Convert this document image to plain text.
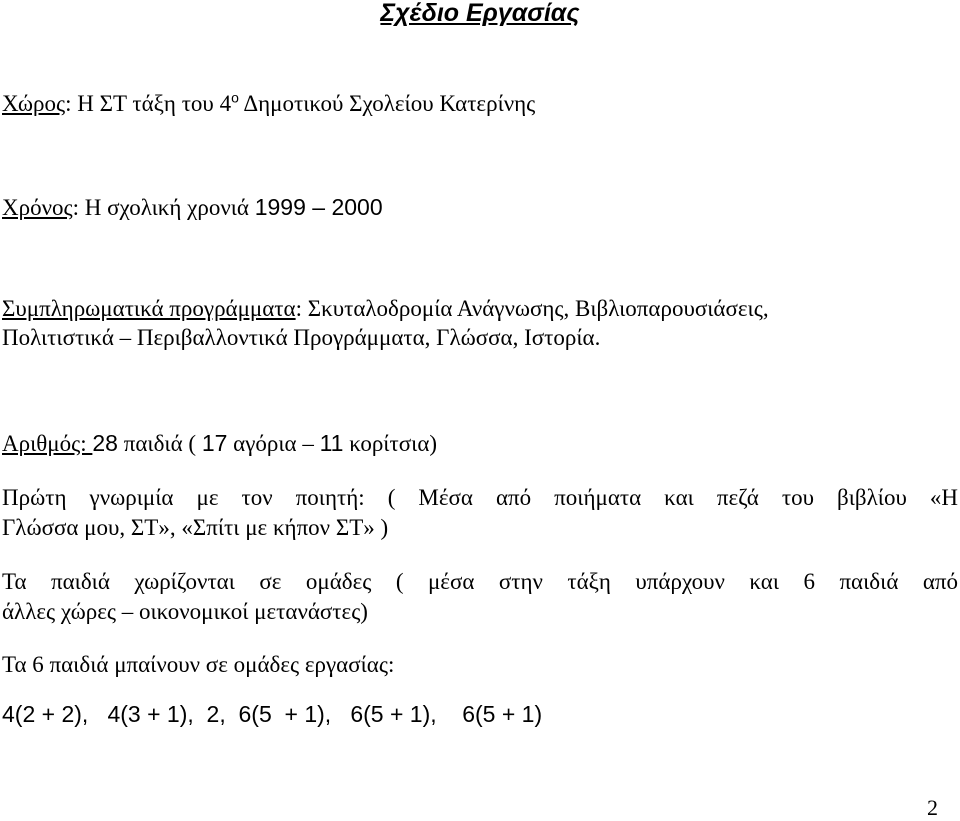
Σχέδιο Εργασίας
Χώρος: Η ΣΤ τάξη του $4^o$ Δημοτικού Σχολείου Κατερίνης
Χρόνος: Η σχολική χρονιά 1999 – 2000
Συμπληρωματικά προγράμματα: Σκυταλοδρομία Ανάγνωσης, Βιβλιοπαρουσιάσεις,
Πολιτιστικά – Περιβαλλοντικά Προγράμματα, Γλώσσα, Ιστορία.
Αριθμός: 28 παιδιά ( 17 αγόρια – 11 κορίτσια)
Πρώτη γνωριμία με τον ποιητή: ( Μέσα από ποιήματα και πεζά του βιβλίου «Η
Γλώσσα μου, ΣΤ», «Σπίτι με κήπον ΣΤ» )
Τα παιδιά χωρίζονται σε ομάδες ( μέσα στην τάξη υπάρχουν και 6 παιδιά από
άλλες χώρες – οικονομικοί μετανάστες)
Τα 6 παιδιά μπαίνουν σε ομάδες εργασίας:
4(2 + 2),   4(3 + 1),  2,  6(5  + 1),   6(5 + 1),    6(5 + 1)
2
